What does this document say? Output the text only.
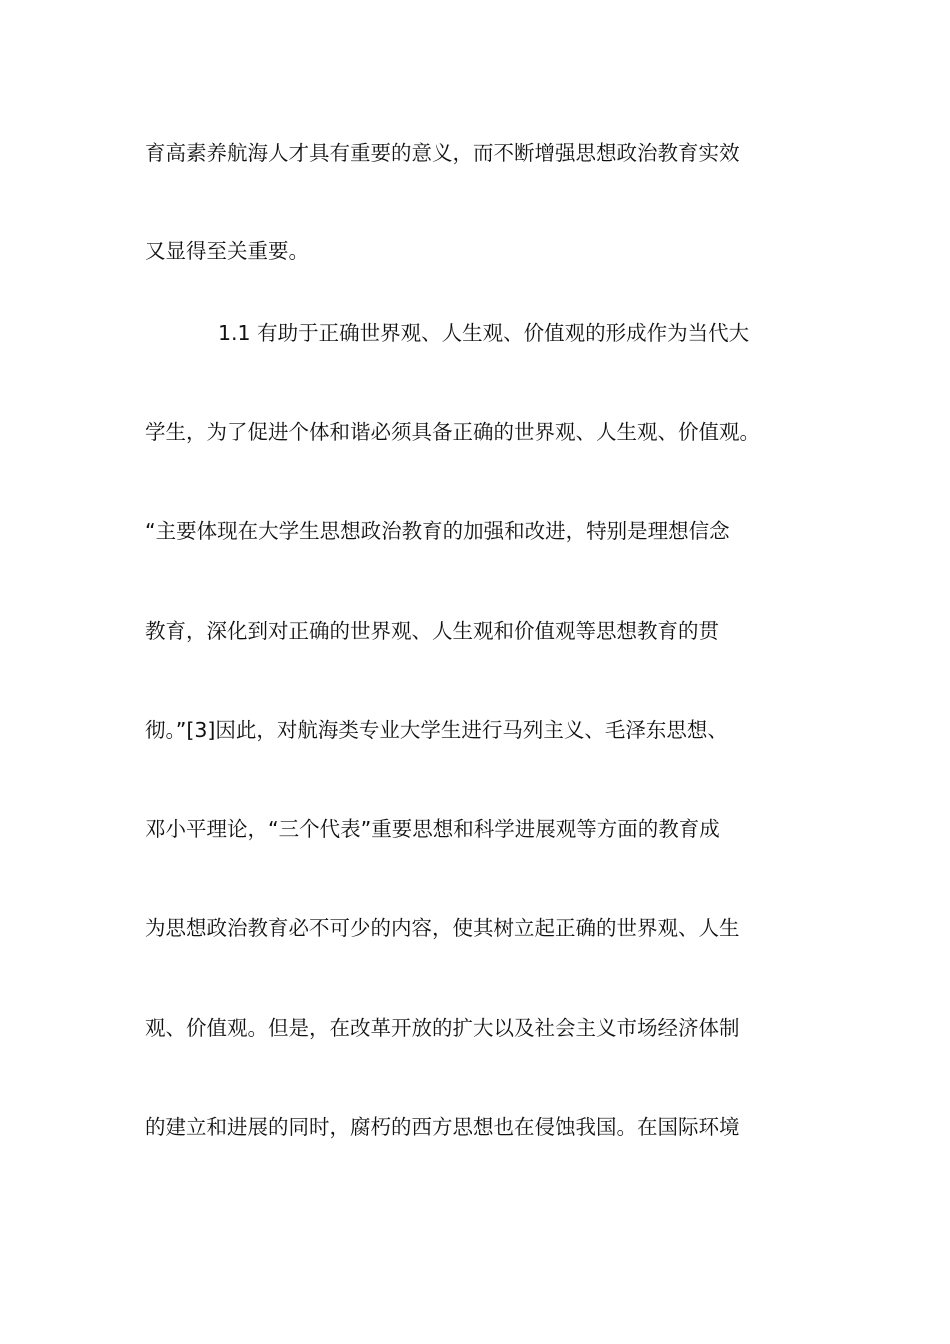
育高素养航海人才具有重要的意义，而不断增强思想政治教育实效
又显得至关重要。
1.1 有助于正确世界观、人生观、价值观的形成作为当代大
学生，为了促进个体和谐必须具备正确的世界观、人生观、价值观。
“主要体现在大学生思想政治教育的加强和改进，特别是理想信念
教育，深化到对正确的世界观、人生观和价值观等思想教育的贯
彻。”[3]因此，对航海类专业大学生进行马列主义、毛泽东思想、
邓小平理论，“三个代表”重要思想和科学进展观等方面的教育成
为思想政治教育必不可少的内容，使其树立起正确的世界观、人生
观、价值观。但是，在改革开放的扩大以及社会主义市场经济体制
的建立和进展的同时，腐朽的西方思想也在侵蚀我国。在国际环境
